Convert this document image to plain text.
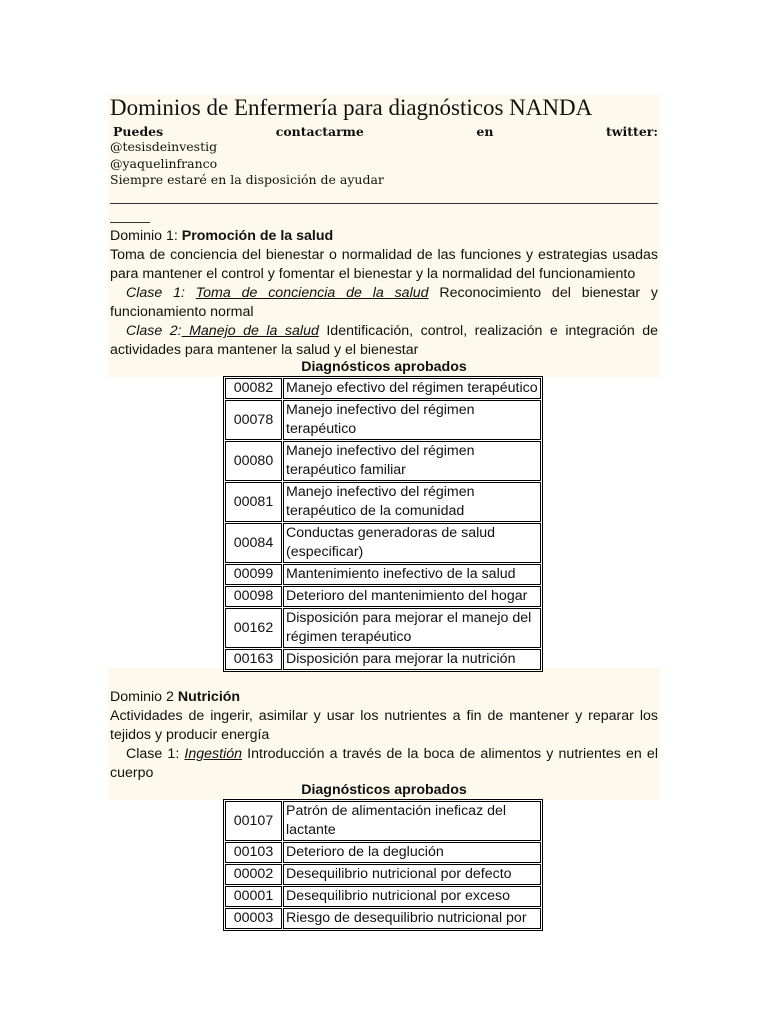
Dominios de Enfermería para diagnósticos NANDA
Puedes	contactarme	en	twitter:
@tesisdeinvestig
@yaquelinfranco
Siempre estaré en la disposición de ayudar
Dominio 1: Promoción de la salud
Toma de conciencia del bienestar o normalidad de las funciones y estrategias usadas para mantener el control y fomentar el bienestar y la normalidad del funcionamiento
Clase 1: Toma de conciencia de la salud Reconocimiento del bienestar y
funcionamiento normal
Clase 2: Manejo de la salud Identificación, control, realización e integración de
actividades para mantener la salud y el bienestar
Diagnósticos aprobados
00082	Manejo efectivo del régimen terapéutico
00078	Manejo inefectivo del régimen
terapéutico

00080	Manejo inefectivo del régimen
terapéutico familiar

00081	Manejo inefectivo del régimen
terapéutico de la comunidad

00084	Conductas generadoras de salud
(especificar)

00099	Mantenimiento inefectivo de la salud
00098	Deterioro del mantenimiento del hogar
00162	Disposición para mejorar el manejo del
régimen terapéutico

00163	Disposición para mejorar la nutrición
Dominio 2 Nutrición
Actividades de ingerir, asimilar y usar los nutrientes a fin de mantener y reparar los tejidos y producir energía
Clase 1: Ingestión Introducción a través de la boca de alimentos y nutrientes en el
cuerpo
Diagnósticos aprobados
00107	Patrón de alimentación ineficaz del
lactante

00103	Deterioro de la deglución
00002	Desequilibrio nutricional por defecto
00001	Desequilibrio nutricional por exceso
00003	Riesgo de desequilibrio nutricional por
